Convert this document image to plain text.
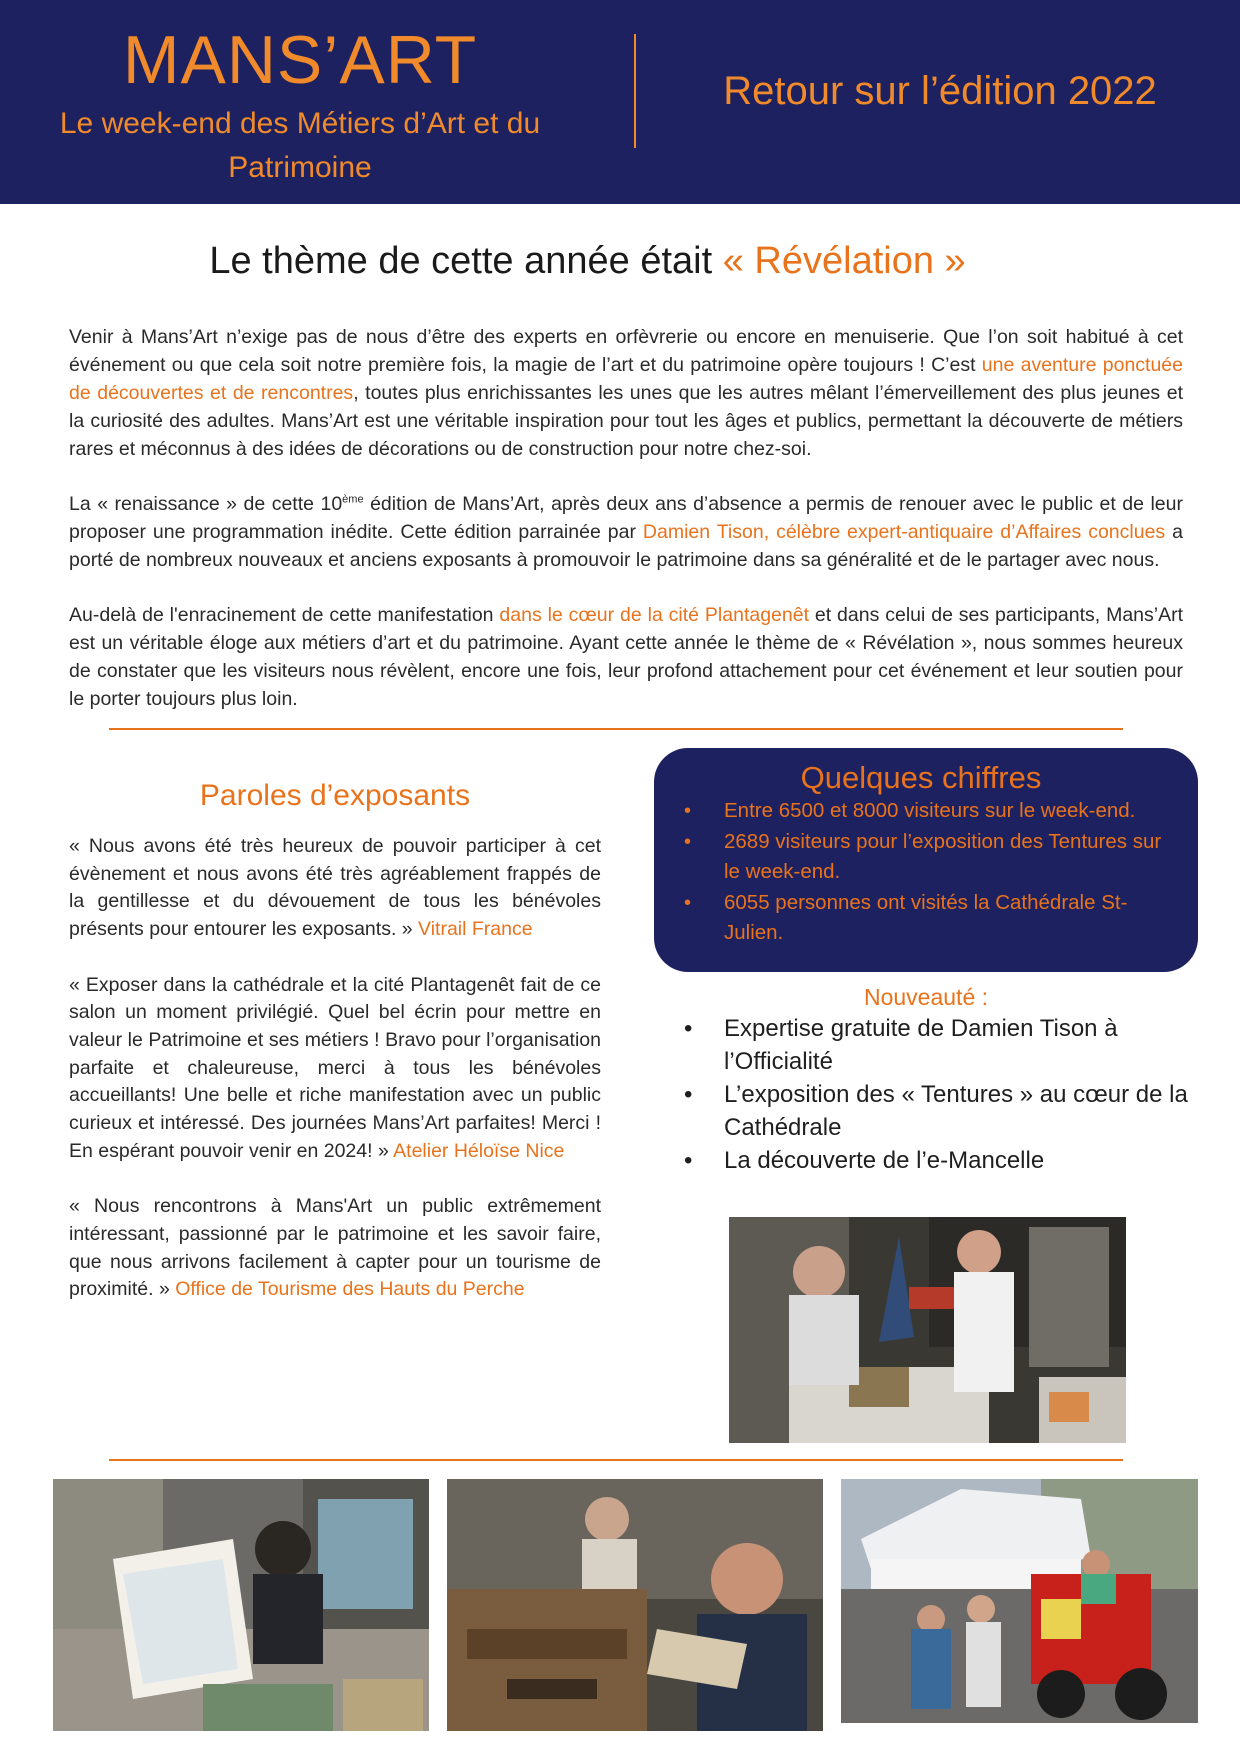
MANS’ART
Le week-end des Métiers d’Art et du Patrimoine
Retour sur l’édition 2022
Le thème de cette année était « Révélation »

Venir à Mans’Art n’exige pas de nous d’être des experts en orfèvrerie ou encore en menuiserie. Que l’on soit habitué à cet événement ou que cela soit notre première fois, la magie de l’art et du patrimoine opère toujours ! C’est une aventure ponctuée de découvertes et de rencontres, toutes plus enrichissantes les unes que les autres mêlant l’émerveillement des plus jeunes et la curiosité des adultes. Mans’Art est une véritable inspiration pour tout les âges et publics, permettant la découverte de métiers rares et méconnus à des idées de décorations ou de construction pour notre chez-soi.

La « renaissance » de cette 10ème édition de Mans’Art, après deux ans d’absence a permis de renouer avec le public et de leur proposer une programmation inédite. Cette édition parrainée par Damien Tison, célèbre expert-antiquaire d’Affaires conclues a porté de nombreux nouveaux et anciens exposants à promouvoir le patrimoine dans sa généralité et de le partager avec nous.

Au-delà de l'enracinement de cette manifestation dans le cœur de la cité Plantagenêt et dans celui de ses participants, Mans’Art est un véritable éloge aux métiers d’art et du patrimoine. Ayant cette année le thème de « Révélation », nous sommes heureux de constater que les visiteurs nous révèlent, encore une fois, leur profond attachement pour cet événement et leur soutien pour le porter toujours plus loin.

Paroles d’exposants

« Nous avons été très heureux de pouvoir participer à cet évènement et nous avons été très agréablement frappés de la gentillesse et du dévouement de tous les bénévoles présents pour entourer les exposants. » Vitrail France

« Exposer dans la cathédrale et la cité Plantagenêt fait de ce salon un moment privilégié. Quel bel écrin pour mettre en valeur le Patrimoine et ses métiers ! Bravo pour l’organisation parfaite et chaleureuse, merci à tous les bénévoles accueillants! Une belle et riche manifestation avec un public curieux et intéressé. Des journées Mans’Art parfaites! Merci ! En espérant pouvoir venir en 2024! » Atelier Héloïse Nice

« Nous rencontrons à Mans'Art un public extrêmement intéressant, passionné par le patrimoine et les savoir faire, que nous arrivons facilement à capter pour un tourisme de proximité. » Office de Tourisme des Hauts du Perche

Quelques chiffres
• Entre 6500 et 8000 visiteurs sur le week-end.
• 2689 visiteurs pour l’exposition des Tentures sur le week-end.
• 6055 personnes ont visités la Cathédrale St-Julien.
Nouveauté :
• Expertise gratuite de Damien Tison à l’Officialité
• L’exposition des « Tentures » au cœur de la Cathédrale
• La découverte de l’e-Mancelle
